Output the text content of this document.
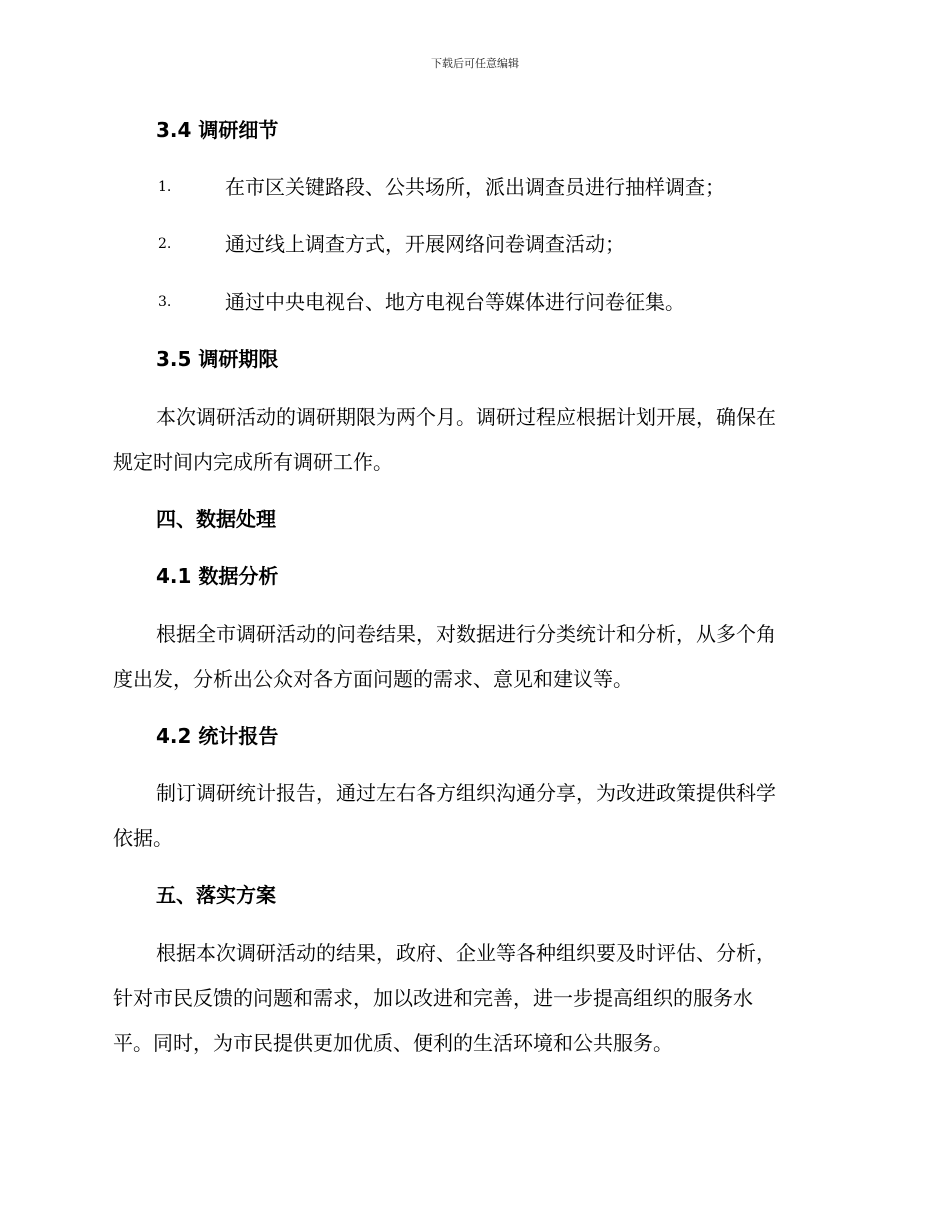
下载后可任意编辑
3.4 调研细节
1.	在市区关键路段、公共场所，派出调查员进行抽样调查；
2.	通过线上调查方式，开展网络问卷调查活动；
3.	通过中央电视台、地方电视台等媒体进行问卷征集。
3.5 调研期限
本次调研活动的调研期限为两个月。调研过程应根据计划开展，确保在
规定时间内完成所有调研工作。
四、数据处理
4.1 数据分析
根据全市调研活动的问卷结果，对数据进行分类统计和分析，从多个角
度出发，分析出公众对各方面问题的需求、意见和建议等。
4.2 统计报告
制订调研统计报告，通过左右各方组织沟通分享，为改进政策提供科学
依据。
五、落实方案
根据本次调研活动的结果，政府、企业等各种组织要及时评估、分析，
针对市民反馈的问题和需求，加以改进和完善，进一步提高组织的服务水
平。同时，为市民提供更加优质、便利的生活环境和公共服务。
